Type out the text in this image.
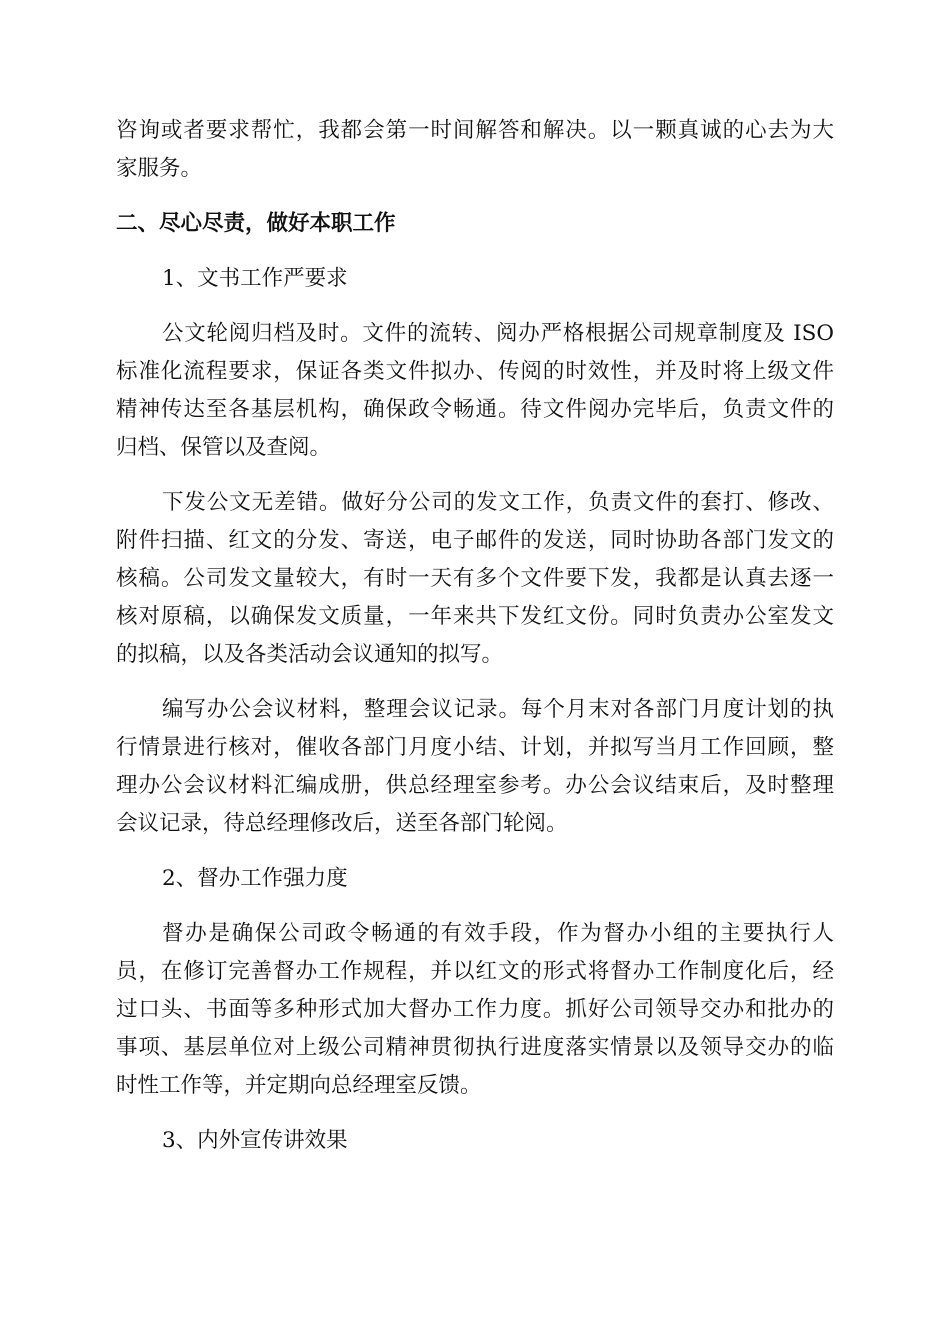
咨询或者要求帮忙，我都会第一时间解答和解决。以一颗真诚的心去为大
家服务。
二、尽心尽责，做好本职工作
1、文书工作严要求
公文轮阅归档及时。文件的流转、阅办严格根据公司规章制度及 ISO
标准化流程要求，保证各类文件拟办、传阅的时效性，并及时将上级文件
精神传达至各基层机构，确保政令畅通。待文件阅办完毕后，负责文件的
归档、保管以及查阅。
下发公文无差错。做好分公司的发文工作，负责文件的套打、修改、
附件扫描、红文的分发、寄送，电子邮件的发送，同时协助各部门发文的
核稿。公司发文量较大，有时一天有多个文件要下发，我都是认真去逐一
核对原稿，以确保发文质量，一年来共下发红文份。同时负责办公室发文
的拟稿，以及各类活动会议通知的拟写。
编写办公会议材料，整理会议记录。每个月末对各部门月度计划的执
行情景进行核对，催收各部门月度小结、计划，并拟写当月工作回顾，整
理办公会议材料汇编成册，供总经理室参考。办公会议结束后，及时整理
会议记录，待总经理修改后，送至各部门轮阅。
2、督办工作强力度
督办是确保公司政令畅通的有效手段，作为督办小组的主要执行人
员，在修订完善督办工作规程，并以红文的形式将督办工作制度化后，经
过口头、书面等多种形式加大督办工作力度。抓好公司领导交办和批办的
事项、基层单位对上级公司精神贯彻执行进度落实情景以及领导交办的临
时性工作等，并定期向总经理室反馈。
3、内外宣传讲效果
